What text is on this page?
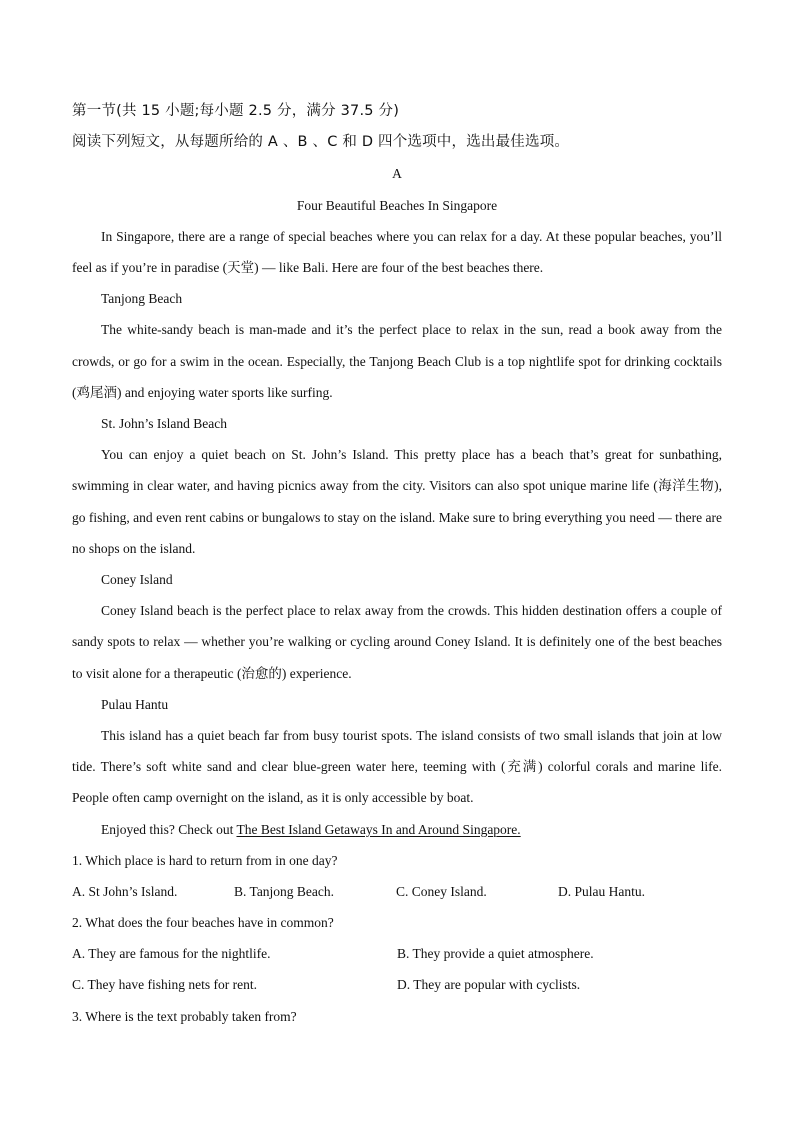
第一节(共 15 小题;每小题 2.5 分，满分 37.5 分)
阅读下列短文，从每题所给的 A 、B 、C 和 D 四个选项中，选出最佳选项。
A
Four Beautiful Beaches In Singapore
In Singapore, there are a range of special beaches where you can relax for a day. At these popular beaches, you’ll feel as if you’re in paradise (天堂) — like Bali. Here are four of the best beaches there.
Tanjong Beach
The white-sandy beach is man-made and it’s the perfect place to relax in the sun, read a book away from the crowds, or go for a swim in the ocean. Especially, the Tanjong Beach Club is a top nightlife spot for drinking cocktails (鸡尾酒) and enjoying water sports like surfing.
St. John’s Island Beach
You can enjoy a quiet beach on St. John’s Island. This pretty place has a beach that’s great for sunbathing, swimming in clear water, and having picnics away from the city. Visitors can also spot unique marine life (海洋生物), go fishing, and even rent cabins or bungalows to stay on the island. Make sure to bring everything you need — there are no shops on the island.
Coney Island
Coney Island beach is the perfect place to relax away from the crowds. This hidden destination offers a couple of sandy spots to relax — whether you’re walking or cycling around Coney Island. It is definitely one of the best beaches to visit alone for a therapeutic (治愈的) experience.
Pulau Hantu
This island has a quiet beach far from busy tourist spots. The island consists of two small islands that join at low tide. There’s soft white sand and clear blue-green water here, teeming with (充满) colorful corals and marine life. People often camp overnight on the island, as it is only accessible by boat.
Enjoyed this? Check out The Best Island Getaways In and Around Singapore.
1. Which place is hard to return from in one day?
A. St John’s Island.	B. Tanjong Beach.	C. Coney Island.	D. Pulau Hantu.
2. What does the four beaches have in common?
A. They are famous for the nightlife.	B. They provide a quiet atmosphere.
C. They have fishing nets for rent.	D. They are popular with cyclists.
3. Where is the text probably taken from?
